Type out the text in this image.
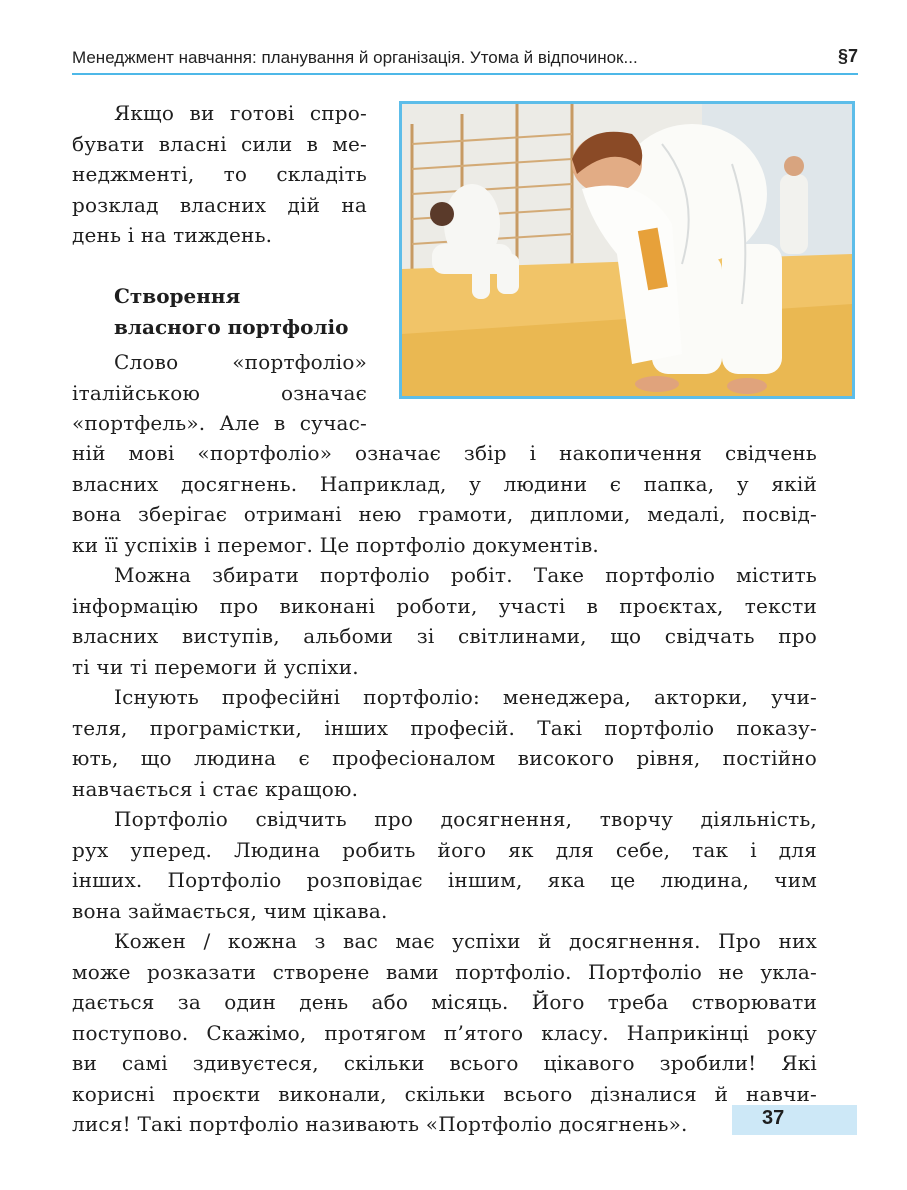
Менеджмент навчання: планування й організація. Утома й відпочинок...	§7
Якщо ви готові спро-
бувати власні сили в ме-
неджменті, то складіть
розклад власних дій на
день і на тиждень.
Створення
власного портфоліо
Слово «портфоліо»
італійською означає
«портфель». Але в сучас-
ній мові «портфоліо» означає збір і накопичення свідчень
власних досягнень. Наприклад, у людини є папка, у якій
вона зберігає отримані нею грамоти, дипломи, медалі, посвід-
ки її успіхів і перемог. Це портфоліо документів.
Можна збирати портфоліо робіт. Таке портфоліо містить
інформацію про виконані роботи, участі в проєктах, тексти
власних виступів, альбоми зі світлинами, що свідчать про
ті чи ті перемоги й успіхи.
Існують професійні портфоліо: менеджера, акторки, учи-
теля, програмістки, інших професій. Такі портфоліо показу-
ють, що людина є професіоналом високого рівня, постійно
навчається і стає кращою.
Портфоліо свідчить про досягнення, творчу діяльність,
рух уперед. Людина робить його як для себе, так і для
інших. Портфоліо розповідає іншим, яка це людина, чим
вона займається, чим цікава.
Кожен / кожна з вас має успіхи й досягнення. Про них
може розказати створене вами портфоліо. Портфоліо не укла-
дається за один день або місяць. Його треба створювати
поступово. Скажімо, протягом п’ятого класу. Наприкінці року
ви самі здивуєтеся, скільки всього цікавого зробили! Які
корисні проєкти виконали, скільки всього дізналися й навчи-
лися! Такі портфоліо називають «Портфоліо досягнень».	37
